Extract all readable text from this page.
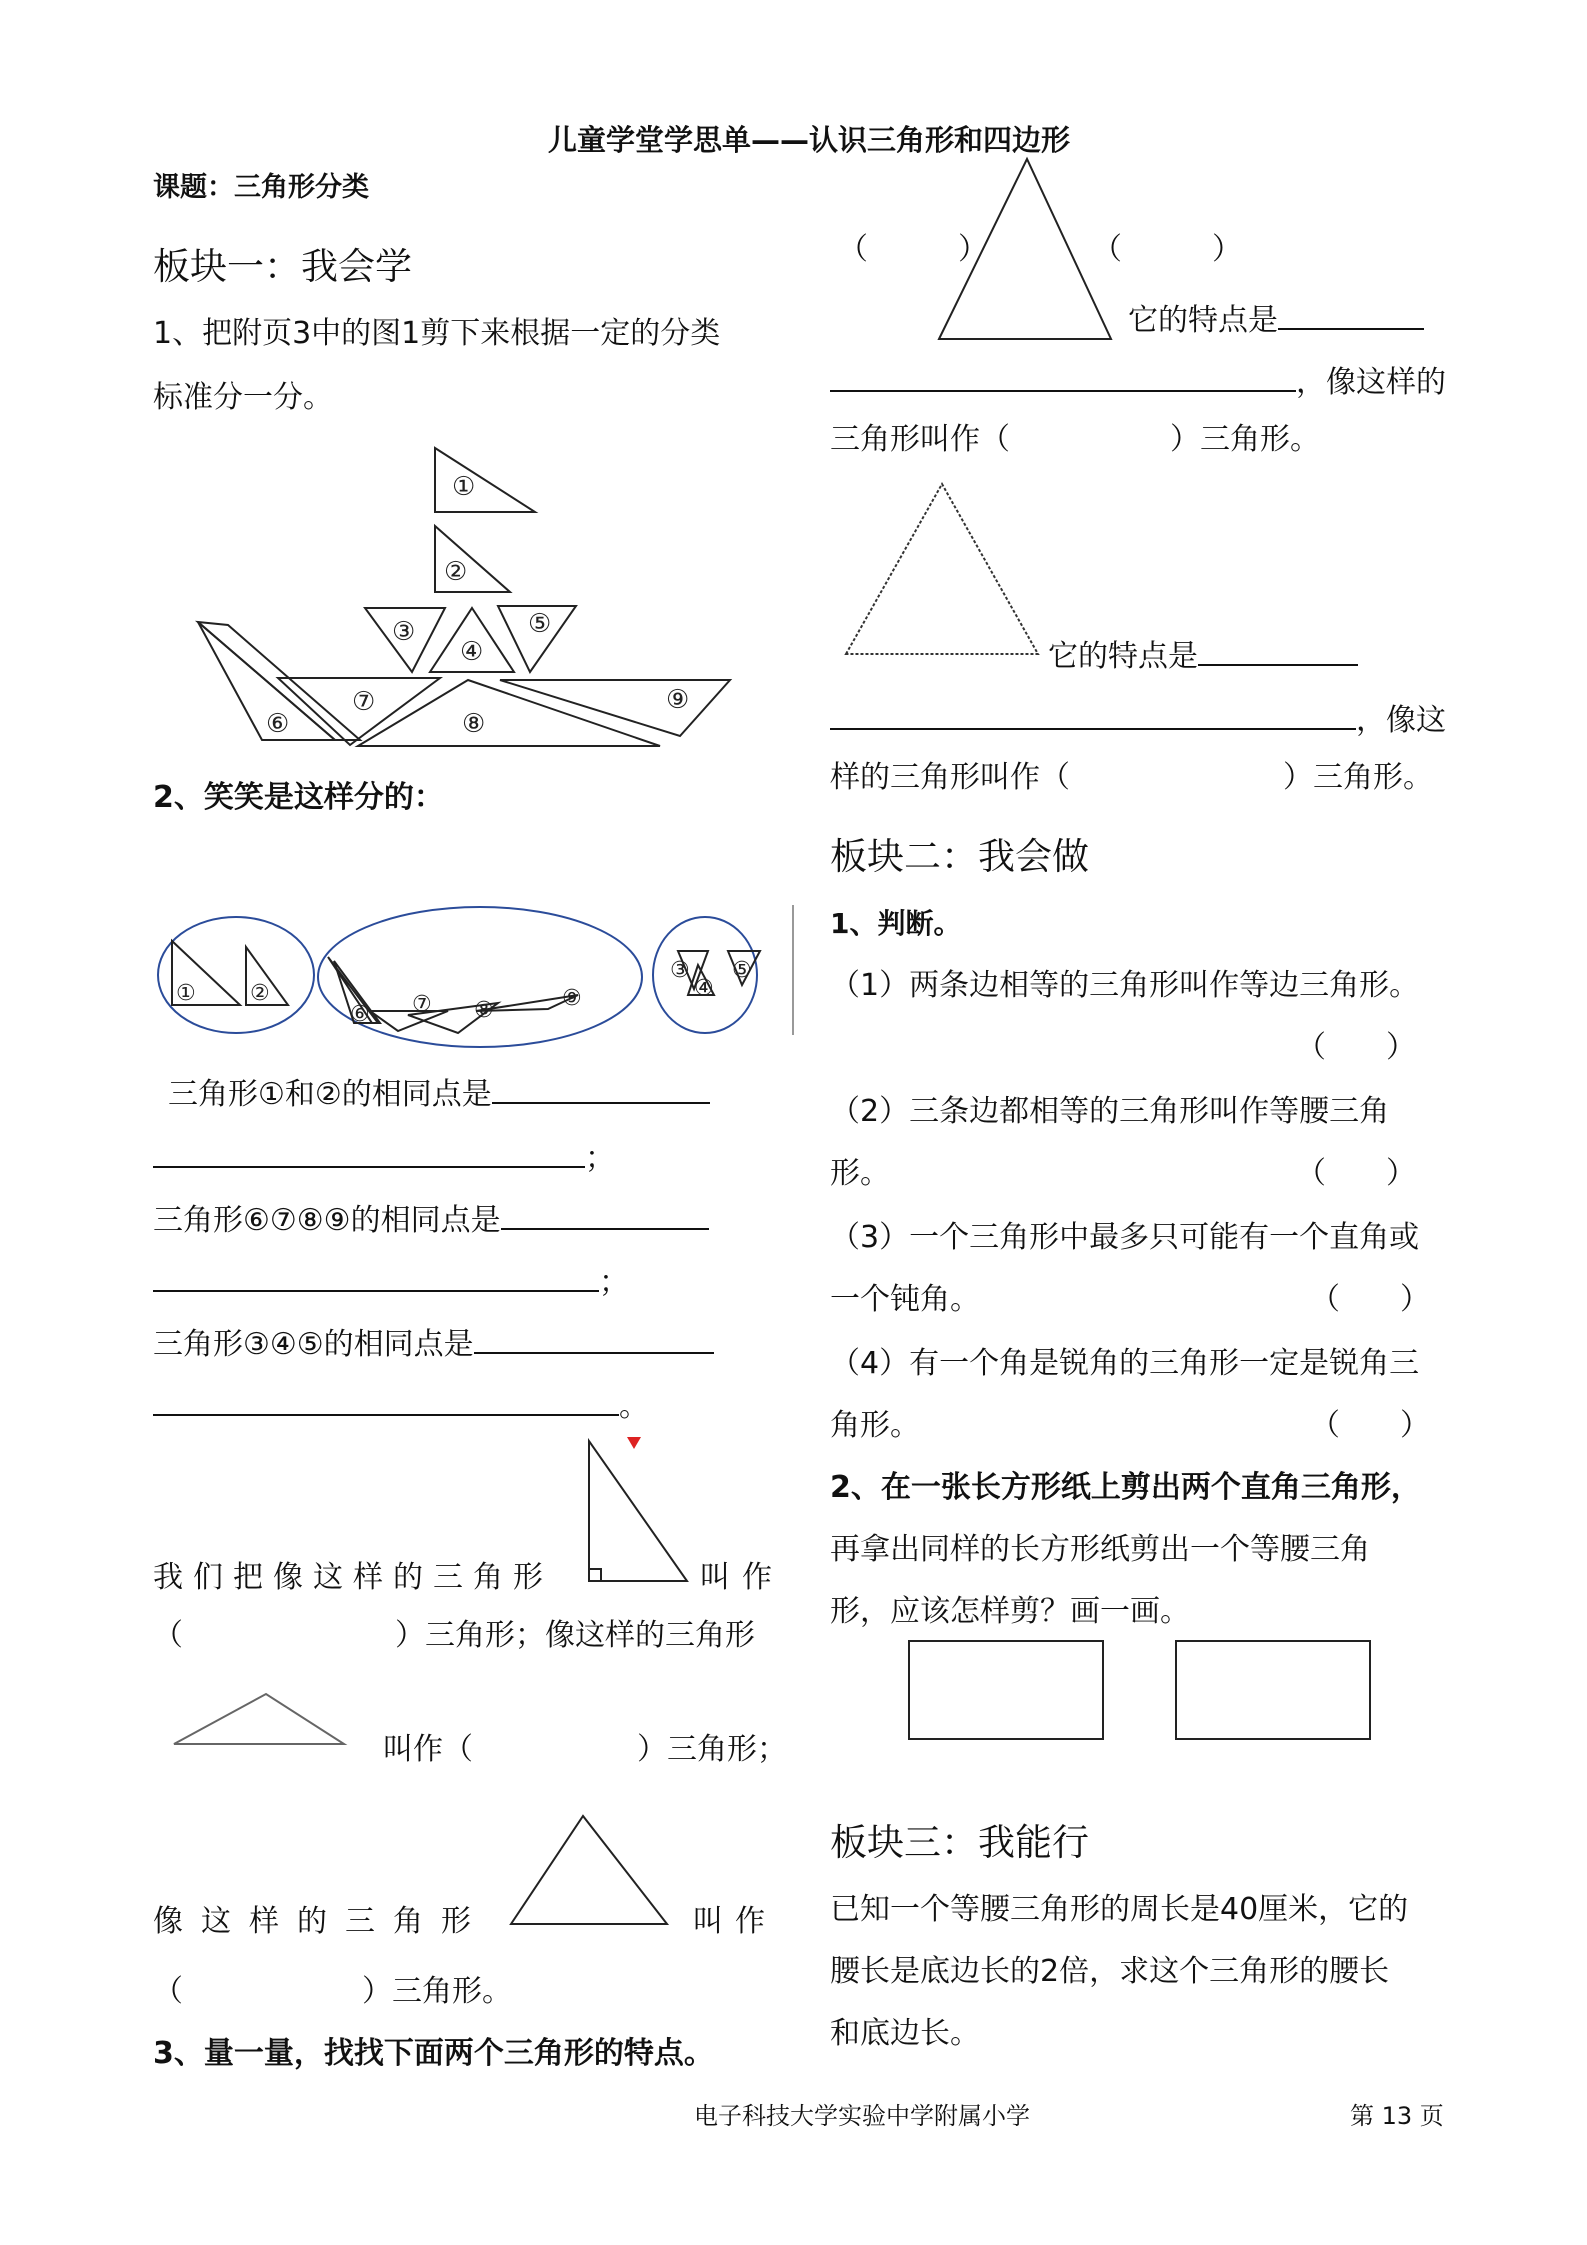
儿童学堂学思单——认识三角形和四边形
课题：三角形分类
板块一：我会学
1、把附页3中的图1剪下来根据一定的分类
标准分一分。
①
②
③
④
⑤
⑥
⑦
⑧
⑨
2、笑笑是这样分的：
① ②
⑥ ⑦ ⑧	⑨
③
④
⑤
三角形①和②的相同点是
；
三角形⑥⑦⑧⑨的相同点是
；
三角形③④⑤的相同点是
。
我们把像这样的三角形	叫作
（	）三角形；像这样的三角形
叫作（	）三角形；
像这样的三角形	叫作
（	）三角形。
3、量一量，找找下面两个三角形的特点。
（　　　）	（　　　）
它的特点是
，像这样的
三角形叫作（	）三角形。
它的特点是
，像这
样的三角形叫作（	）三角形。
板块二：我会做
1、判断。
（1）两条边相等的三角形叫作等边三角形。
（　　）
（2）三条边都相等的三角形叫作等腰三角
形。	（　　）
（3）一个三角形中最多只可能有一个直角或
一个钝角。	（　　）
（4）有一个角是锐角的三角形一定是锐角三
角形。	（　　）
2、在一张长方形纸上剪出两个直角三角形，
再拿出同样的长方形纸剪出一个等腰三角
形，应该怎样剪？画一画。
板块三：我能行
已知一个等腰三角形的周长是40厘米，它的
腰长是底边长的2倍，求这个三角形的腰长
和底边长。
电子科技大学实验中学附属小学	第 13 页
